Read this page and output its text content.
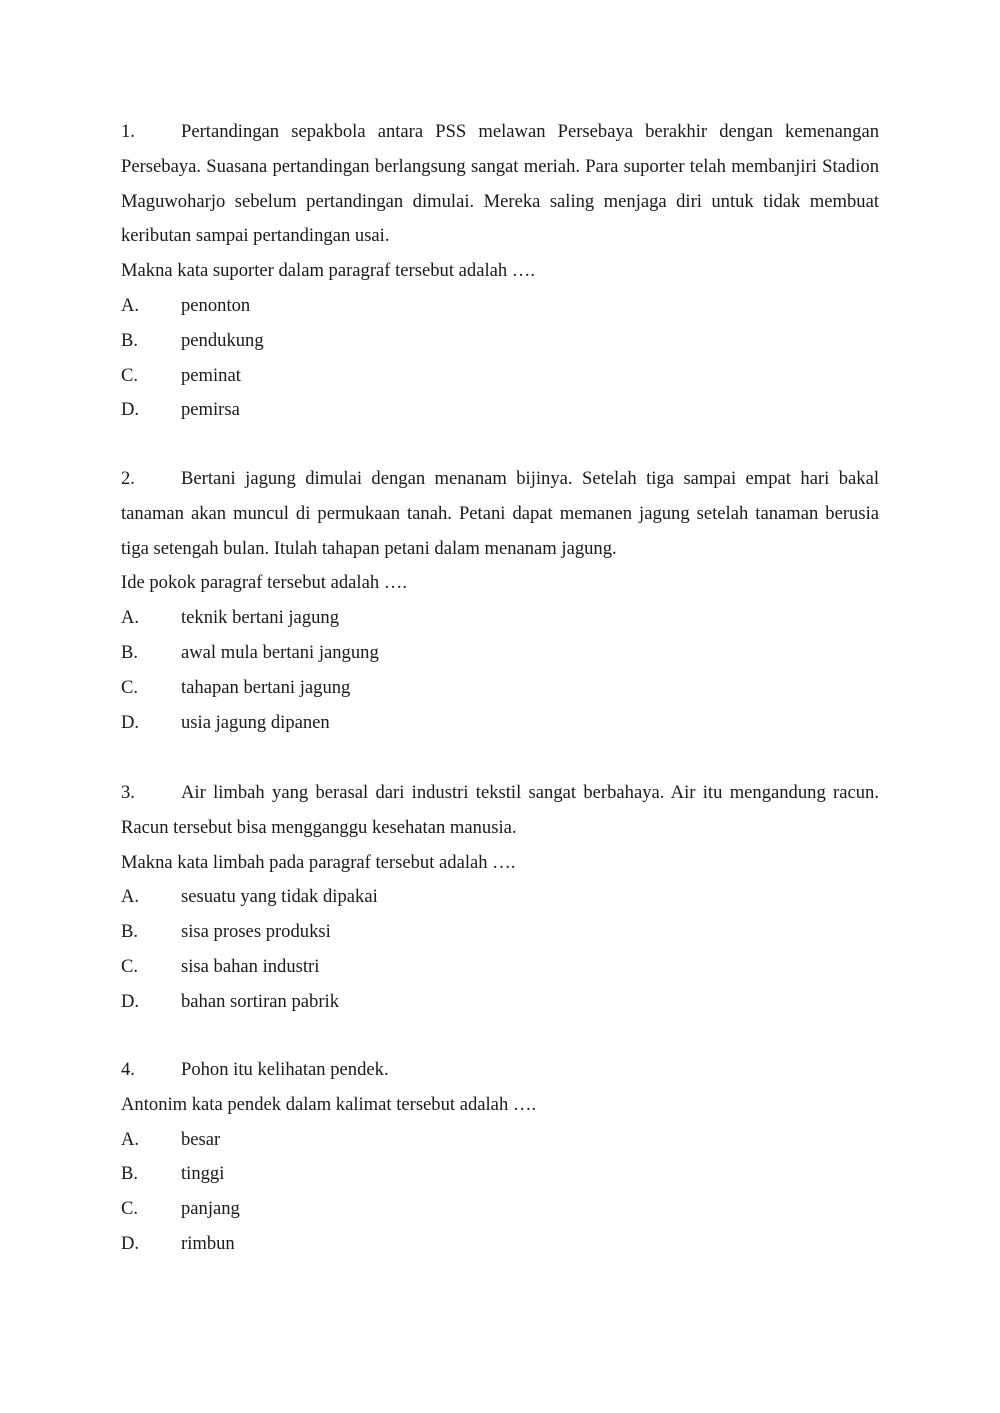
1. Pertandingan sepakbola antara PSS melawan Persebaya berakhir dengan kemenangan Persebaya. Suasana pertandingan berlangsung sangat meriah. Para suporter telah membanjiri Stadion Maguwoharjo sebelum pertandingan dimulai. Mereka saling menjaga diri untuk tidak membuat keributan sampai pertandingan usai.

Makna kata suporter dalam paragraf tersebut adalah ….

A. penonton
B. pendukung
C. peminat
D. pemirsa

2. Bertani jagung dimulai dengan menanam bijinya. Setelah tiga sampai empat hari bakal tanaman akan muncul di permukaan tanah. Petani dapat memanen jagung setelah tanaman berusia tiga setengah bulan. Itulah tahapan petani dalam menanam jagung.

Ide pokok paragraf tersebut adalah ….

A. teknik bertani jagung
B. awal mula bertani jangung
C. tahapan bertani jagung
D. usia jagung dipanen

3. Air limbah yang berasal dari industri tekstil sangat berbahaya. Air itu mengandung racun. Racun tersebut bisa mengganggu kesehatan manusia.

Makna kata limbah pada paragraf tersebut adalah ….

A. sesuatu yang tidak dipakai
B. sisa proses produksi
C. sisa bahan industri
D. bahan sortiran pabrik

4. Pohon itu kelihatan pendek.

Antonim kata pendek dalam kalimat tersebut adalah ….

A. besar
B. tinggi
C. panjang
D. rimbun
